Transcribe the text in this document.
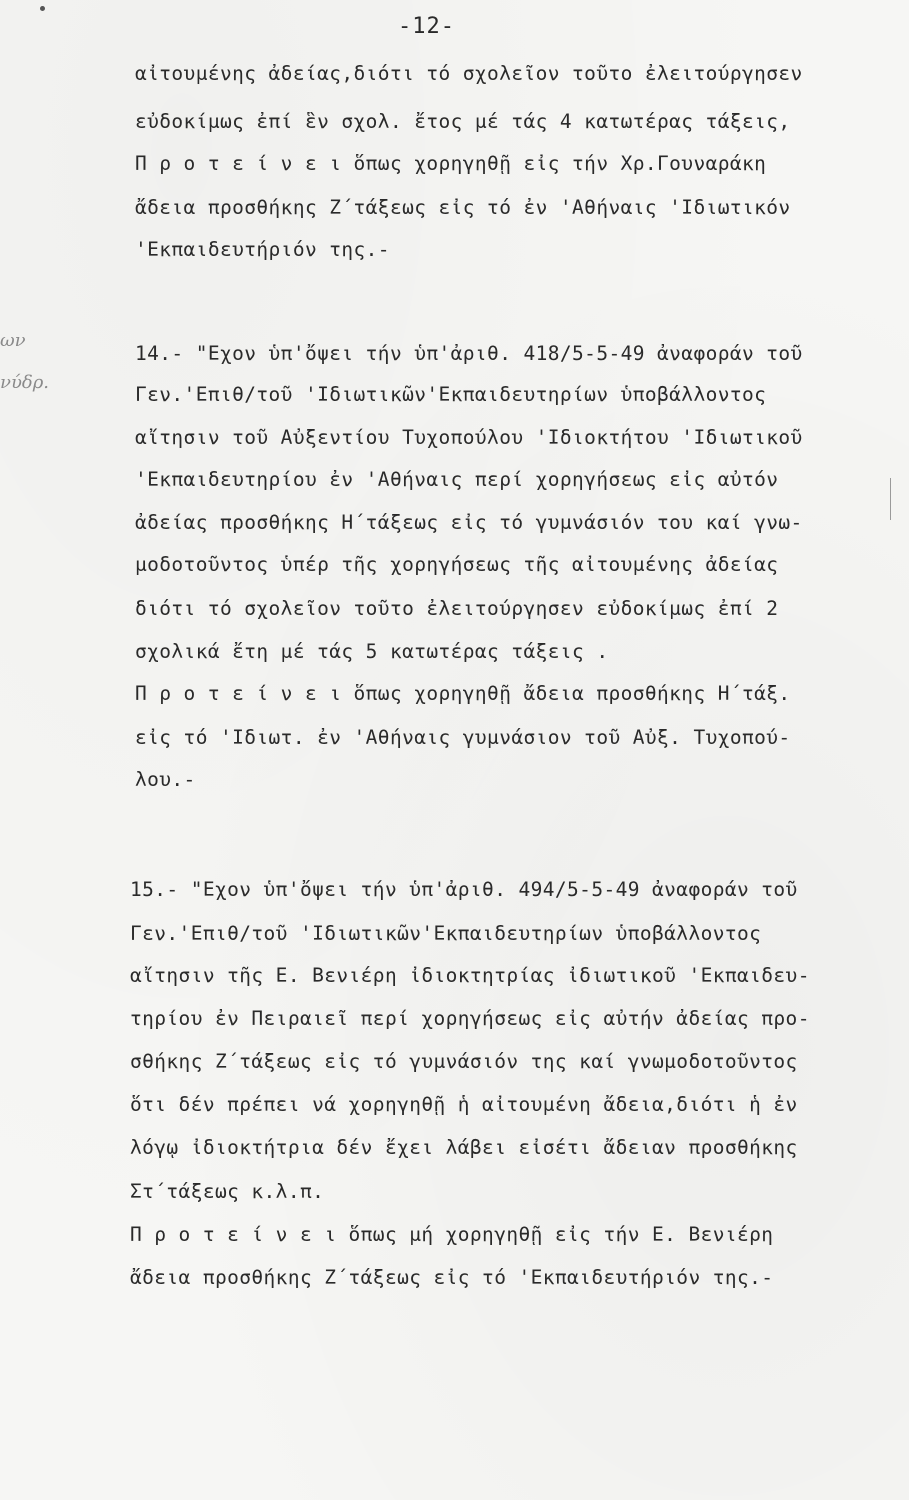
-12-
ων
νύδρ.
αἰτουμένης ἀδείας,διότι τό σχολεῖον τοῦτο ἐλειτούργησεν
εὐδοκίμως ἐπί ἓν σχολ. ἔτος μέ τάς 4 κατωτέρας τάξεις,
Π ρ ο τ ε ί ν ε ι ὅπως χορηγηθῇ εἰς τήν Χρ.Γουναράκη
ἄδεια προσθήκης Ζ΄τάξεως εἰς τό ἐν 'Αθήναις 'Ιδιωτικόν
'Εκπαιδευτήριόν της.-
14.- "Εχον ὑπ'ὄψει τήν ὑπ'ἀριθ. 418/5-5-49 ἀναφοράν τοῦ
Γεν.'Επιθ/τοῦ 'Ιδιωτικῶν'Εκπαιδευτηρίων ὑποβάλλοντος
αἴτησιν τοῦ Αὐξεντίου Τυχοπούλου 'Ιδιοκτήτου 'Ιδιωτικοῦ
'Εκπαιδευτηρίου ἐν 'Αθήναις περί χορηγήσεως εἰς αὐτόν
ἀδείας προσθήκης Η΄τάξεως εἰς τό γυμνάσιόν του καί γνω-
μοδοτοῦντος ὑπέρ τῆς χορηγήσεως τῆς αἰτουμένης ἀδείας
διότι τό σχολεῖον τοῦτο ἐλειτούργησεν εὐδοκίμως ἐπί 2
σχολικά ἔτη μέ τάς 5 κατωτέρας τάξεις .
Π ρ ο τ ε ί ν ε ι ὅπως χορηγηθῇ ἄδεια προσθήκης Η΄τάξ.
εἰς τό 'Ιδιωτ. ἐν 'Αθήναις γυμνάσιον τοῦ Αὐξ. Τυχοπού-
λου.-
15.- "Εχον ὑπ'ὄψει τήν ὑπ'ἀριθ. 494/5-5-49 ἀναφοράν τοῦ
Γεν.'Επιθ/τοῦ 'Ιδιωτικῶν'Εκπαιδευτηρίων ὑποβάλλοντος
αἴτησιν τῆς Ε. Βενιέρη ἰδιοκτητρίας ἰδιωτικοῦ 'Εκπαιδευ-
τηρίου ἐν Πειραιεῖ περί χορηγήσεως εἰς αὐτήν ἀδείας προ-
σθήκης Ζ΄τάξεως εἰς τό γυμνάσιόν της καί γνωμοδοτοῦντος
ὅτι δέν πρέπει νά χορηγηθῇ ἡ αἰτουμένη ἄδεια,διότι ἡ ἐν
λόγῳ ἰδιοκτήτρια δέν ἔχει λάβει εἰσέτι ἄδειαν προσθήκης
Στ΄τάξεως κ.λ.π.
Π ρ ο τ ε ί ν ε ι ὅπως μή χορηγηθῇ εἰς τήν Ε. Βενιέρη
ἄδεια προσθήκης Ζ΄τάξεως εἰς τό 'Εκπαιδευτήριόν της.-
